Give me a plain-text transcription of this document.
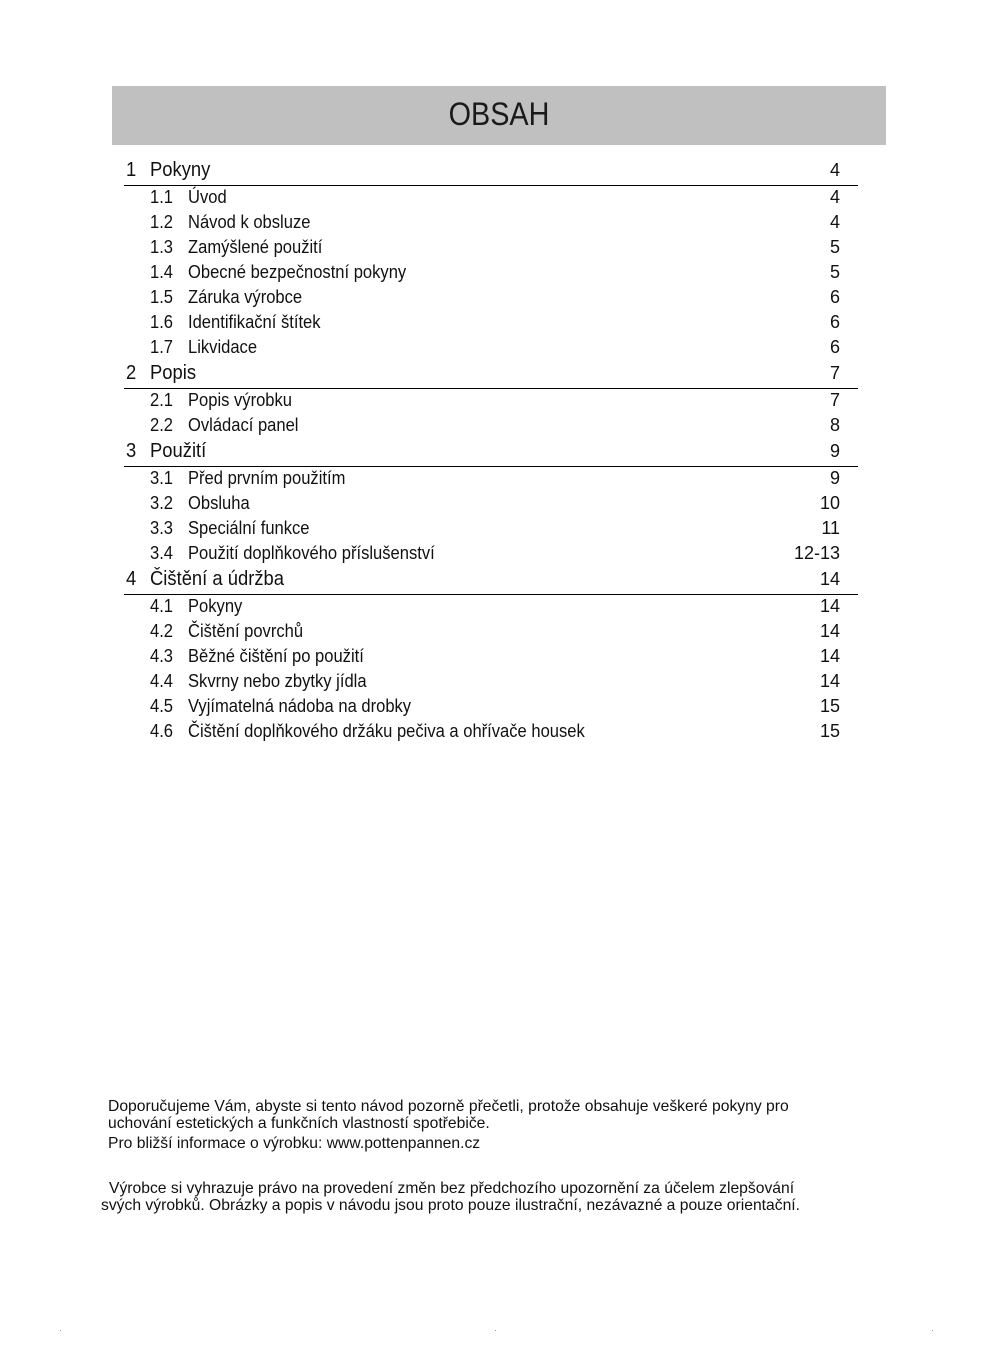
OBSAH
1 Pokyny	4
1.1 Úvod	4
1.2 Návod k obsluze	4
1.3 Zamýšlené použití	5
1.4 Obecné bezpečnostní pokyny	5
1.5 Záruka výrobce	6
1.6 Identifikační štítek	6
1.7 Likvidace	6
2 Popis	7
2.1 Popis výrobku	7
2.2 Ovládací panel	8
3 Použití	9
3.1 Před prvním použitím	9
3.2 Obsluha	10
3.3 Speciální funkce	11
3.4 Použití doplňkového příslušenství	12-13
4 Čištění a údržba	14
4.1 Pokyny	14
4.2 Čištění povrchů	14
4.3 Běžné čištění po použití	14
4.4 Skvrny nebo zbytky jídla	14
4.5 Vyjímatelná nádoba na drobky	15
4.6 Čištění doplňkového držáku pečiva a ohřívače housek	15
Doporučujeme Vám, abyste si tento návod pozorně přečetli, protože obsahuje veškeré pokyny pro
uchování estetických a funkčních vlastností spotřebiče.
Pro bližší informace o výrobku: www.pottenpannen.cz
Výrobce si vyhrazuje právo na provedení změn bez předchozího upozornění za účelem zlepšování
svých výrobků. Obrázky a popis v návodu jsou proto pouze ilustrační, nezávazné a pouze orientační.
